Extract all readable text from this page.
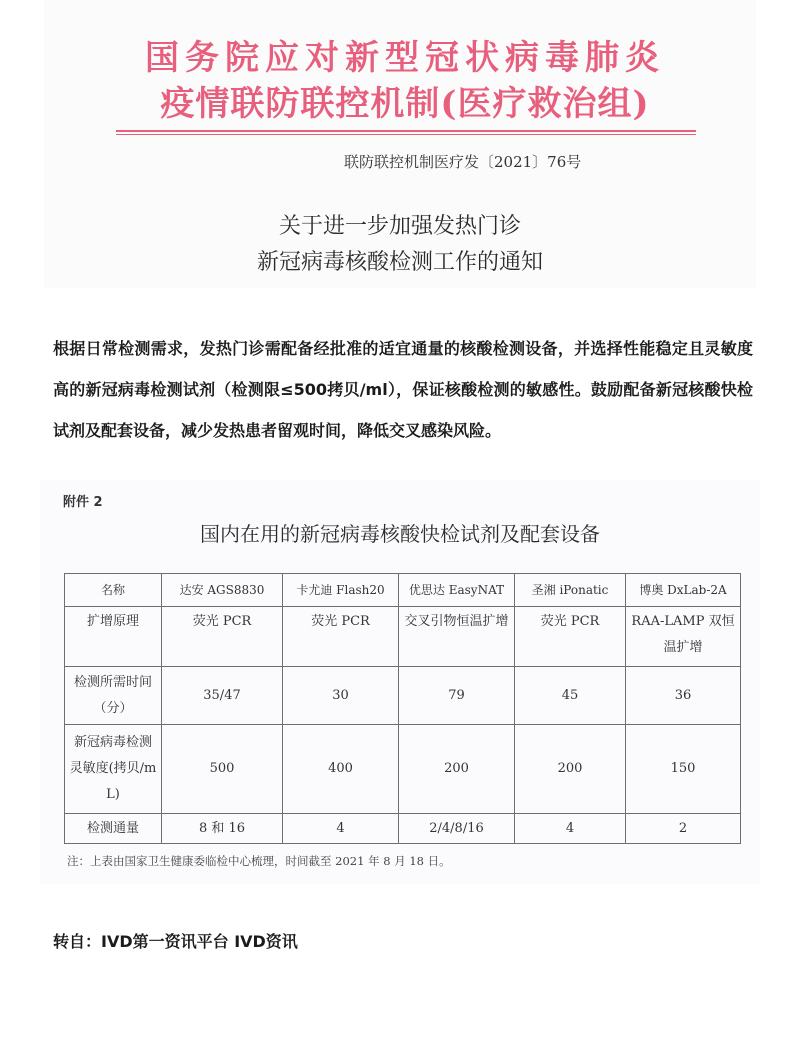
国务院应对新型冠状病毒肺炎
疫情联防联控机制(医疗救治组)
联防联控机制医疗发〔2021〕76号
关于进一步加强发热门诊
新冠病毒核酸检测工作的通知

根据日常检测需求，发热门诊需配备经批准的适宜通量的核酸检测设备，并选择性能稳定且灵敏度高的新冠病毒检测试剂（检测限≤500拷贝/ml），保证核酸检测的敏感性。鼓励配备新冠核酸快检试剂及配套设备，减少发热患者留观时间，降低交叉感染风险。

附件 2
国内在用的新冠病毒核酸快检试剂及配套设备
名称	达安 AGS8830	卡尤迪 Flash20	优思达 EasyNAT	圣湘 iPonatic	博奥 DxLab-2A
扩增原理	荧光 PCR	荧光 PCR	交叉引物恒温扩增	荧光 PCR	RAA-LAMP 双恒温扩增
检测所需时间（分）	35/47	30	79	45	36
新冠病毒检测灵敏度(拷贝/mL)	500	400	200	200	150
检测通量	8 和 16	4	2/4/8/16	4	2
注：上表由国家卫生健康委临检中心梳理，时间截至 2021 年 8 月 18 日。
转自：IVD第一资讯平台 IVD资讯
